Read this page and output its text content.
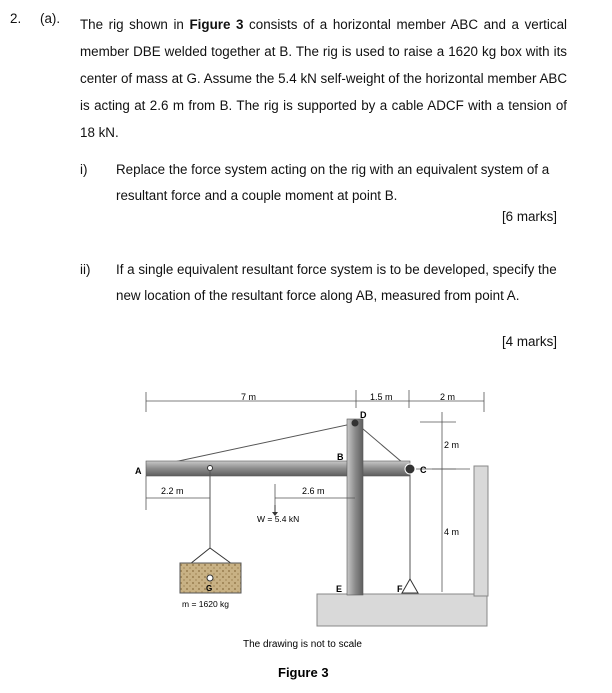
2. (a). The rig shown in Figure 3 consists of a horizontal member ABC and a vertical member DBE welded together at B. The rig is used to raise a 1620 kg box with its center of mass at G. Assume the 5.4 kN self-weight of the horizontal member ABC is acting at 2.6 m from B. The rig is supported by a cable ADCF with a tension of 18 kN.
i) Replace the force system acting on the rig with an equivalent system of a resultant force and a couple moment at point B.
[6 marks]
ii) If a single equivalent resultant force system is to be developed, specify the new location of the resultant force along AB, measured from point A.
[4 marks]
7 m	1.5 m	2 m
2 m
4 m
A
B
C
D
E	F
2.2 m	2.6 m
W = 5.4 kN
G
m = 1620 kg
The drawing is not to scale
Figure 3
